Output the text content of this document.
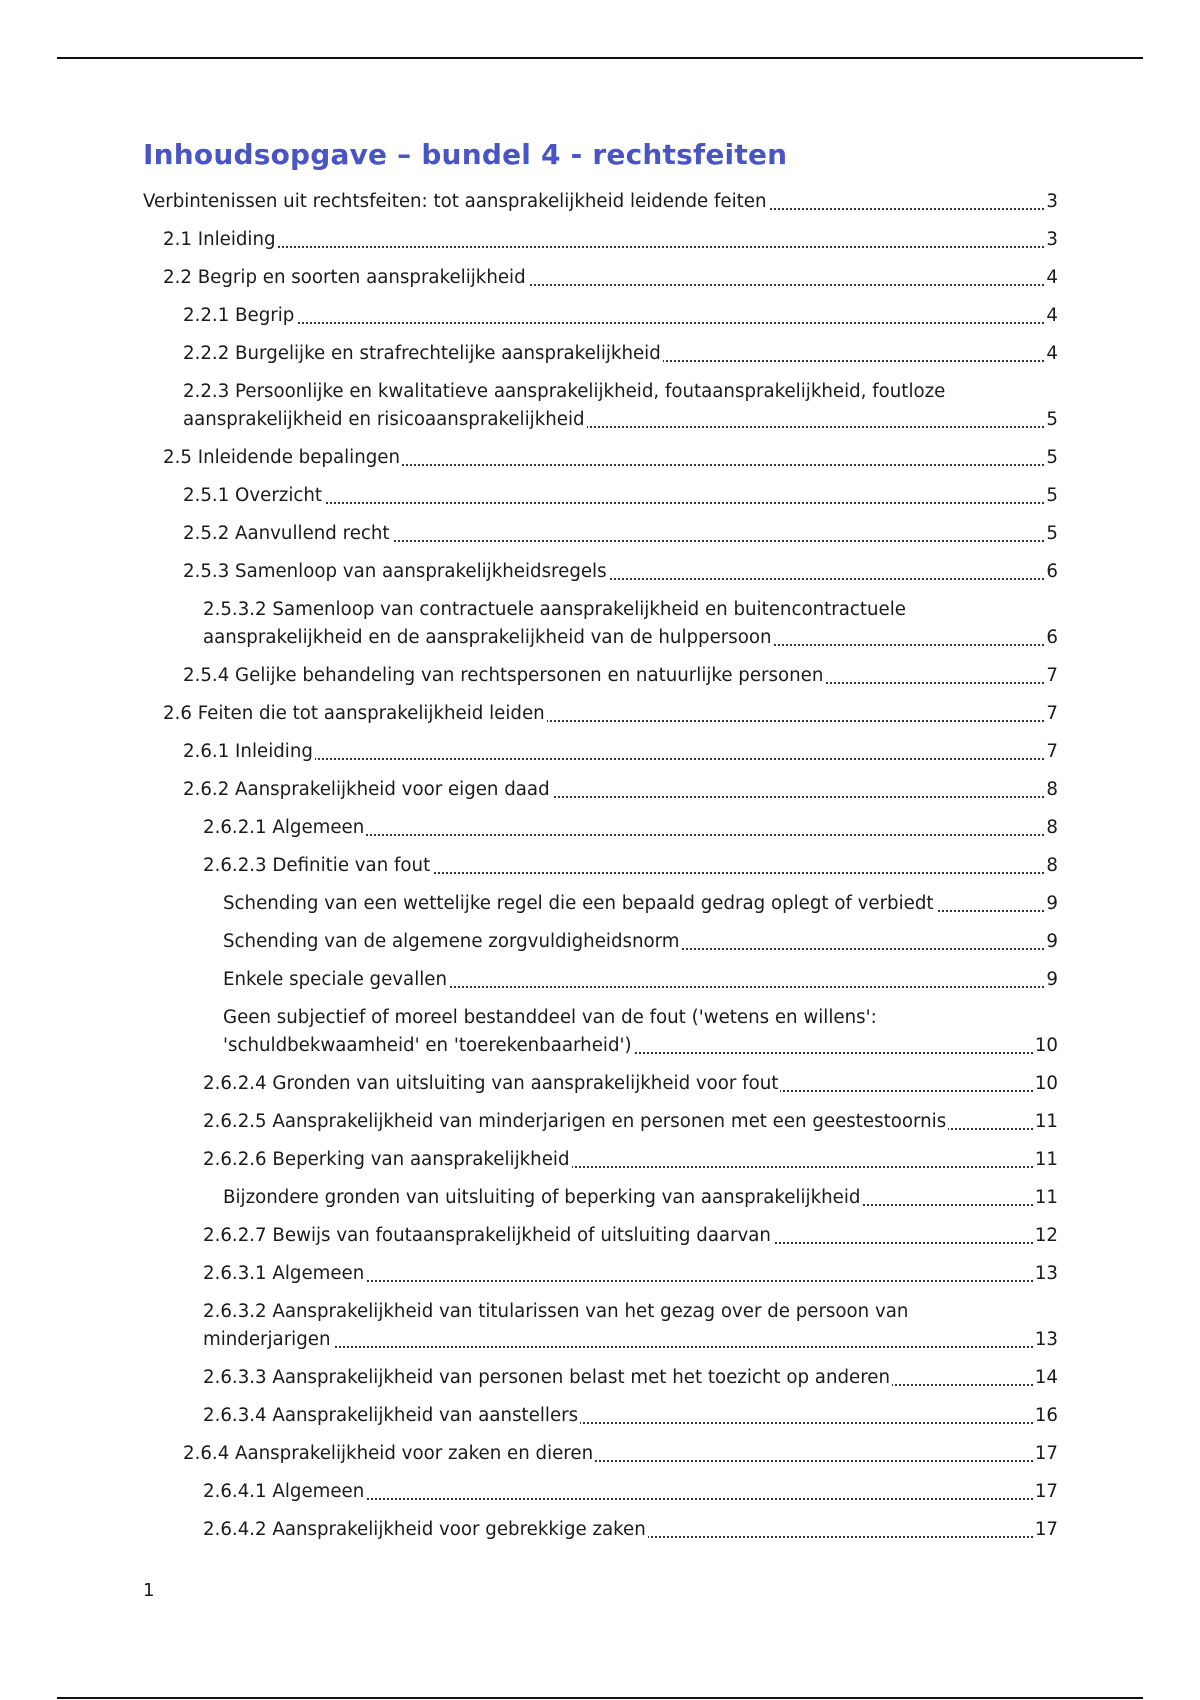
Inhoudsopgave – bundel 4 - rechtsfeiten
Verbintenissen uit rechtsfeiten: tot aansprakelijkheid leidende feiten	3
2.1 Inleiding	3
2.2 Begrip en soorten aansprakelijkheid	4
2.2.1 Begrip	4
2.2.2 Burgelijke en strafrechtelijke aansprakelijkheid	4
2.2.3 Persoonlijke en kwalitatieve aansprakelijkheid, foutaansprakelijkheid, foutloze aansprakelijkheid en risicoaansprakelijkheid	5
2.5 Inleidende bepalingen	5
2.5.1 Overzicht	5
2.5.2 Aanvullend recht	5
2.5.3 Samenloop van aansprakelijkheidsregels	6
2.5.3.2 Samenloop van contractuele aansprakelijkheid en buitencontractuele aansprakelijkheid en de aansprakelijkheid van de hulppersoon	6
2.5.4 Gelijke behandeling van rechtspersonen en natuurlijke personen	7
2.6 Feiten die tot aansprakelijkheid leiden	7
2.6.1 Inleiding	7
2.6.2 Aansprakelijkheid voor eigen daad	8
2.6.2.1 Algemeen	8
2.6.2.3 Definitie van fout	8
Schending van een wettelijke regel die een bepaald gedrag oplegt of verbiedt	9
Schending van de algemene zorgvuldigheidsnorm	9
Enkele speciale gevallen	9
Geen subjectief of moreel bestanddeel van de fout ('wetens en willens': 'schuldbekwaamheid' en 'toerekenbaarheid')	10
2.6.2.4 Gronden van uitsluiting van aansprakelijkheid voor fout	10
2.6.2.5 Aansprakelijkheid van minderjarigen en personen met een geestestoornis	11
2.6.2.6 Beperking van aansprakelijkheid	11
Bijzondere gronden van uitsluiting of beperking van aansprakelijkheid	11
2.6.2.7 Bewijs van foutaansprakelijkheid of uitsluiting daarvan	12
2.6.3.1 Algemeen	13
2.6.3.2 Aansprakelijkheid van titularissen van het gezag over de persoon van minderjarigen	13
2.6.3.3 Aansprakelijkheid van personen belast met het toezicht op anderen	14
2.6.3.4 Aansprakelijkheid van aanstellers	16
2.6.4 Aansprakelijkheid voor zaken en dieren	17
2.6.4.1 Algemeen	17
2.6.4.2 Aansprakelijkheid voor gebrekkige zaken	17
1
